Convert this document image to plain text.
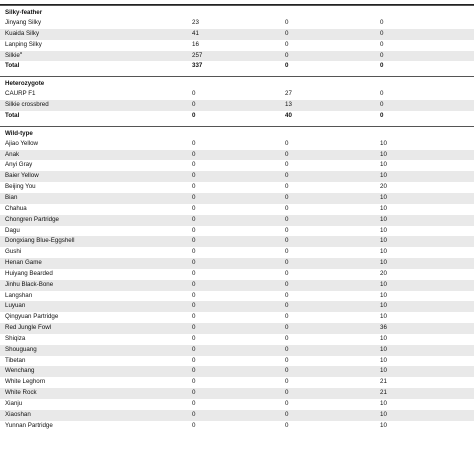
Silky-feather
Jinyang Silky	23	0	0
Kuaida Silky	41	0	0
Lanping Silky	16	0	0
Silkie$^a$	257	0	0
Total	337	0	0
Heterozygote
CAURP F1	0	27	0
Silkie crossbred	0	13	0
Total	0	40	0
Wild-type
Ajiao Yellow	0	0	10
Anak	0	0	10
Anyi Gray	0	0	10
Baier Yellow	0	0	10
Beijing You	0	0	20
Bian	0	0	10
Chahua	0	0	10
Chongren Partridge	0	0	10
Dagu	0	0	10
Dongxiang Blue-Eggshell	0	0	10
Gushi	0	0	10
Henan Game	0	0	10
Huiyang Bearded	0	0	20
Jinhu Black-Bone	0	0	10
Langshan	0	0	10
Luyuan	0	0	10
Qingyuan Partridge	0	0	10
Red Jungle Fowl	0	0	36
Shiqiza	0	0	10
Shouguang	0	0	10
Tibetan	0	0	10
Wenchang	0	0	10
White Leghorn	0	0	21
White Rock	0	0	21
Xianju	0	0	10
Xiaoshan	0	0	10
Yunnan Partridge	0	0	10
